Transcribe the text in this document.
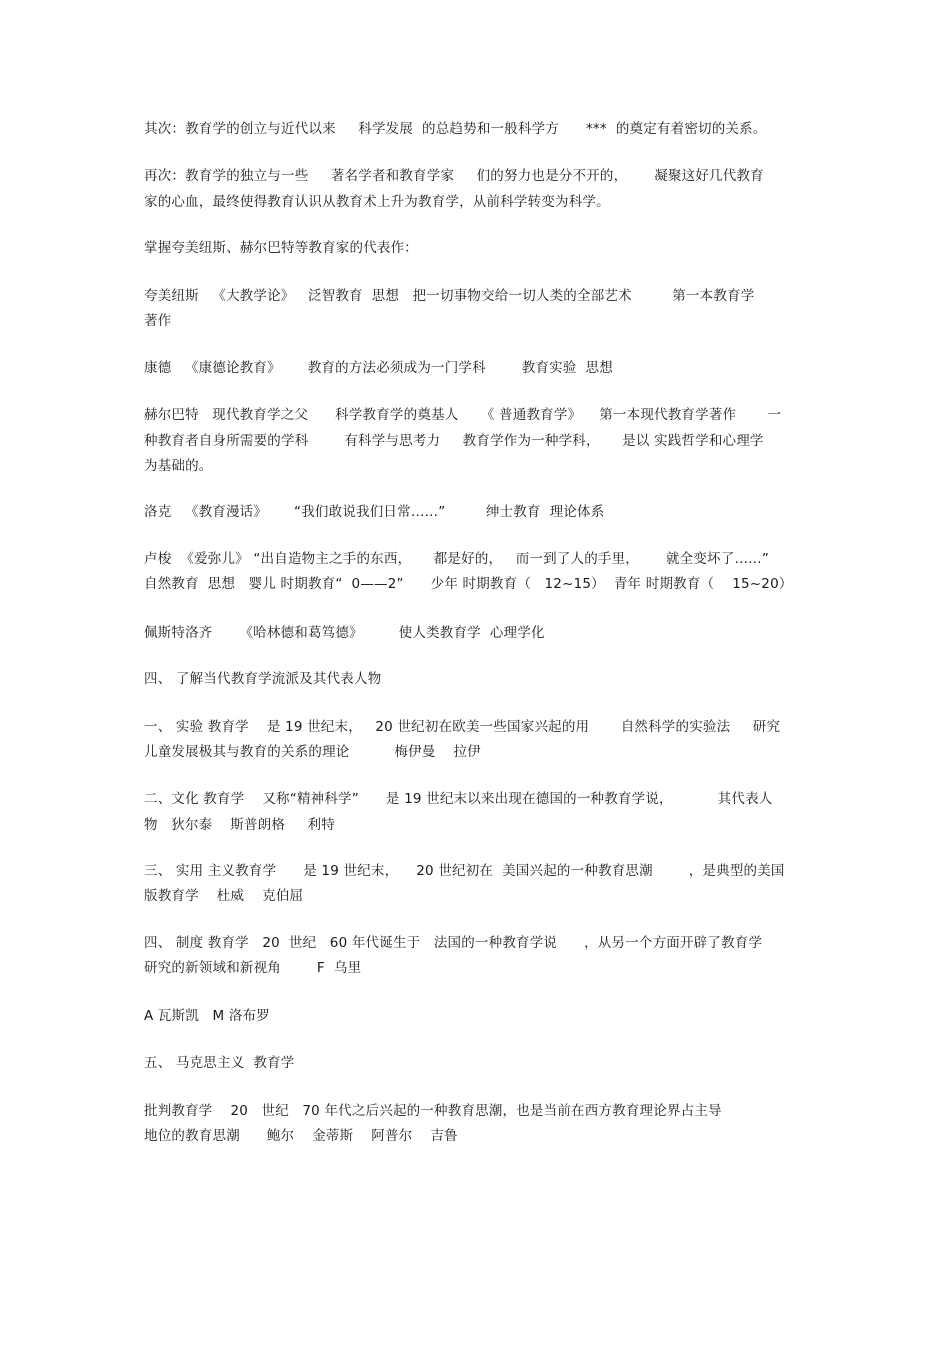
其次：教育学的创立与近代以来     科学发展  的总趋势和一般科学方      ***  的奠定有着密切的关系。
再次：教育学的独立与一些     著名学者和教育学家     们的努力也是分不开的，      凝聚这好几代教育
家的心血，最终使得教育认识从教育术上升为教育学，从前科学转变为科学。
掌握夸美纽斯、赫尔巴特等教育家的代表作：
夸美纽斯   《大教学论》   泛智教育  思想   把一切事物交给一切人类的全部艺术         第一本教育学
著作
康德   《康德论教育》      教育的方法必须成为一门学科        教育实验  思想
赫尔巴特   现代教育学之父      科学教育学的奠基人     《 普通教育学》    第一本现代教育学著作       一
种教育者自身所需要的学科        有科学与思考力     教育学作为一种学科，     是以 实践哲学和心理学
为基础的。
洛克   《教育漫话》      “我们敢说我们日常……”         绅士教育  理论体系
卢梭  《爱弥儿》 “出自造物主之手的东西，     都是好的，   而一到了人的手里，      就全变坏了……”
自然教育  思想   婴儿 时期教育“  0——2”      少年 时期教育（   12~15）  青年 时期教育（    15~20）
佩斯特洛齐      《哈林德和葛笃德》        使人类教育学  心理学化
四、 了解当代教育学流派及其代表人物
一、 实验 教育学    是 19 世纪末，   20 世纪初在欧美一些国家兴起的用       自然科学的实验法     研究
儿童发展极其与教育的关系的理论          梅伊曼    拉伊
二、文化 教育学    又称“精神科学”      是 19 世纪末以来出现在德国的一种教育学说，          其代表人
物   狄尔泰    斯普朗格     利特
三、 实用 主义教育学      是 19 世纪末，    20 世纪初在  美国兴起的一种教育思潮        ，是典型的美国
版教育学    杜威    克伯屈
四、 制度 教育学   20  世纪   60 年代诞生于   法国的一种教育学说      ，从另一个方面开辟了教育学
研究的新领域和新视角        F  乌里
A 瓦斯凯   M 洛布罗
五、 马克思主义  教育学
批判教育学    20   世纪   70 年代之后兴起的一种教育思潮，也是当前在西方教育理论界占主导
地位的教育思潮      鲍尔    金蒂斯    阿普尔    吉鲁
